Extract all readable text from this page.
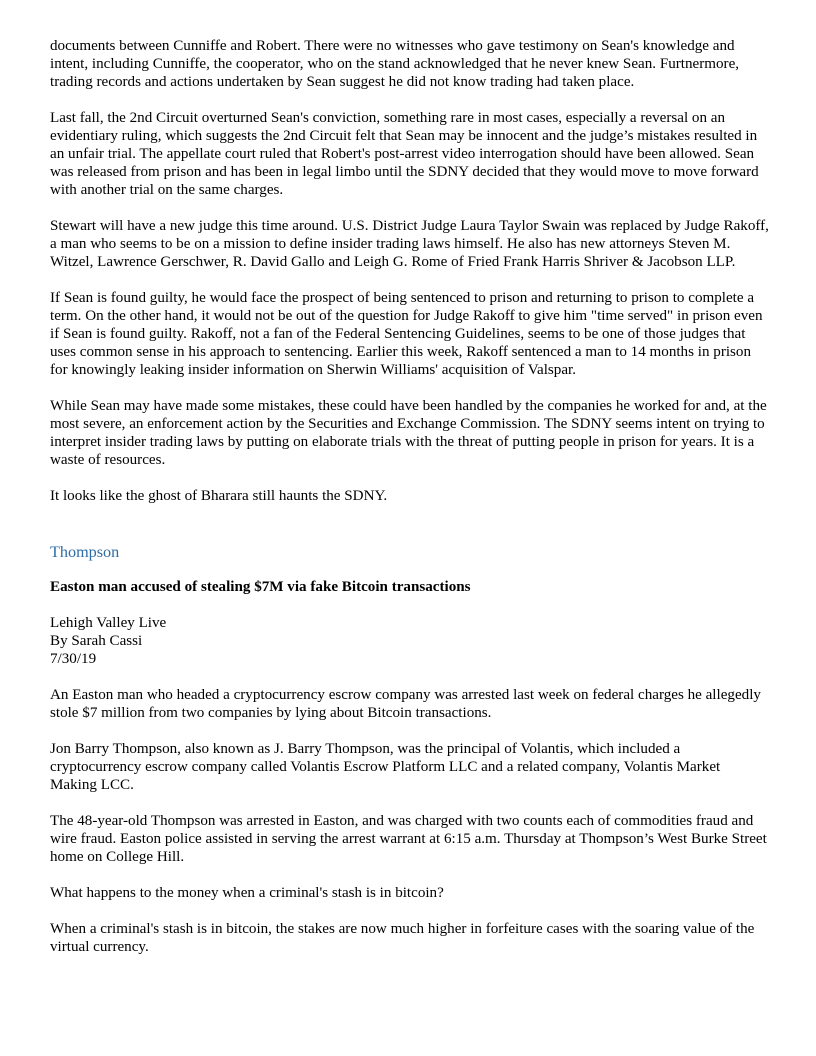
documents between Cunniffe and Robert. There were no witnesses who gave testimony on Sean's knowledge and intent, including Cunniffe, the cooperator, who on the stand acknowledged that he never knew Sean. Furtnermore, trading records and actions undertaken by Sean suggest he did not know trading had taken place.

Last fall, the 2nd Circuit overturned Sean's conviction, something rare in most cases, especially a reversal on an evidentiary ruling, which suggests the 2nd Circuit felt that Sean may be innocent and the judge’s mistakes resulted in an unfair trial. The appellate court ruled that Robert's post-arrest video interrogation should have been allowed. Sean was released from prison and has been in legal limbo until the SDNY decided that they would move to move forward with another trial on the same charges.

Stewart will have a new judge this time around. U.S. District Judge Laura Taylor Swain was replaced by Judge Rakoff, a man who seems to be on a mission to define insider trading laws himself. He also has new attorneys Steven M. Witzel, Lawrence Gerschwer, R. David Gallo and Leigh G. Rome of Fried Frank Harris Shriver & Jacobson LLP.

If Sean is found guilty, he would face the prospect of being sentenced to prison and returning to prison to complete a term. On the other hand, it would not be out of the question for Judge Rakoff to give him "time served" in prison even if Sean is found guilty. Rakoff, not a fan of the Federal Sentencing Guidelines, seems to be one of those judges that uses common sense in his approach to sentencing. Earlier this week, Rakoff sentenced a man to 14 months in prison for knowingly leaking insider information on Sherwin Williams' acquisition of Valspar.

While Sean may have made some mistakes, these could have been handled by the companies he worked for and, at the most severe, an enforcement action by the Securities and Exchange Commission. The SDNY seems intent on trying to interpret insider trading laws by putting on elaborate trials with the threat of putting people in prison for years. It is a waste of resources.

It looks like the ghost of Bharara still haunts the SDNY.

Thompson
Easton man accused of stealing $7M via fake Bitcoin transactions
Lehigh Valley Live
By Sarah Cassi
7/30/19

An Easton man who headed a cryptocurrency escrow company was arrested last week on federal charges he allegedly stole $7 million from two companies by lying about Bitcoin transactions.

Jon Barry Thompson, also known as J. Barry Thompson, was the principal of Volantis, which included a cryptocurrency escrow company called Volantis Escrow Platform LLC and a related company, Volantis Market Making LCC.

The 48-year-old Thompson was arrested in Easton, and was charged with two counts each of commodities fraud and wire fraud. Easton police assisted in serving the arrest warrant at 6:15 a.m. Thursday at Thompson’s West Burke Street home on College Hill.

What happens to the money when a criminal's stash is in bitcoin?

When a criminal's stash is in bitcoin, the stakes are now much higher in forfeiture cases with the soaring value of the virtual currency.
